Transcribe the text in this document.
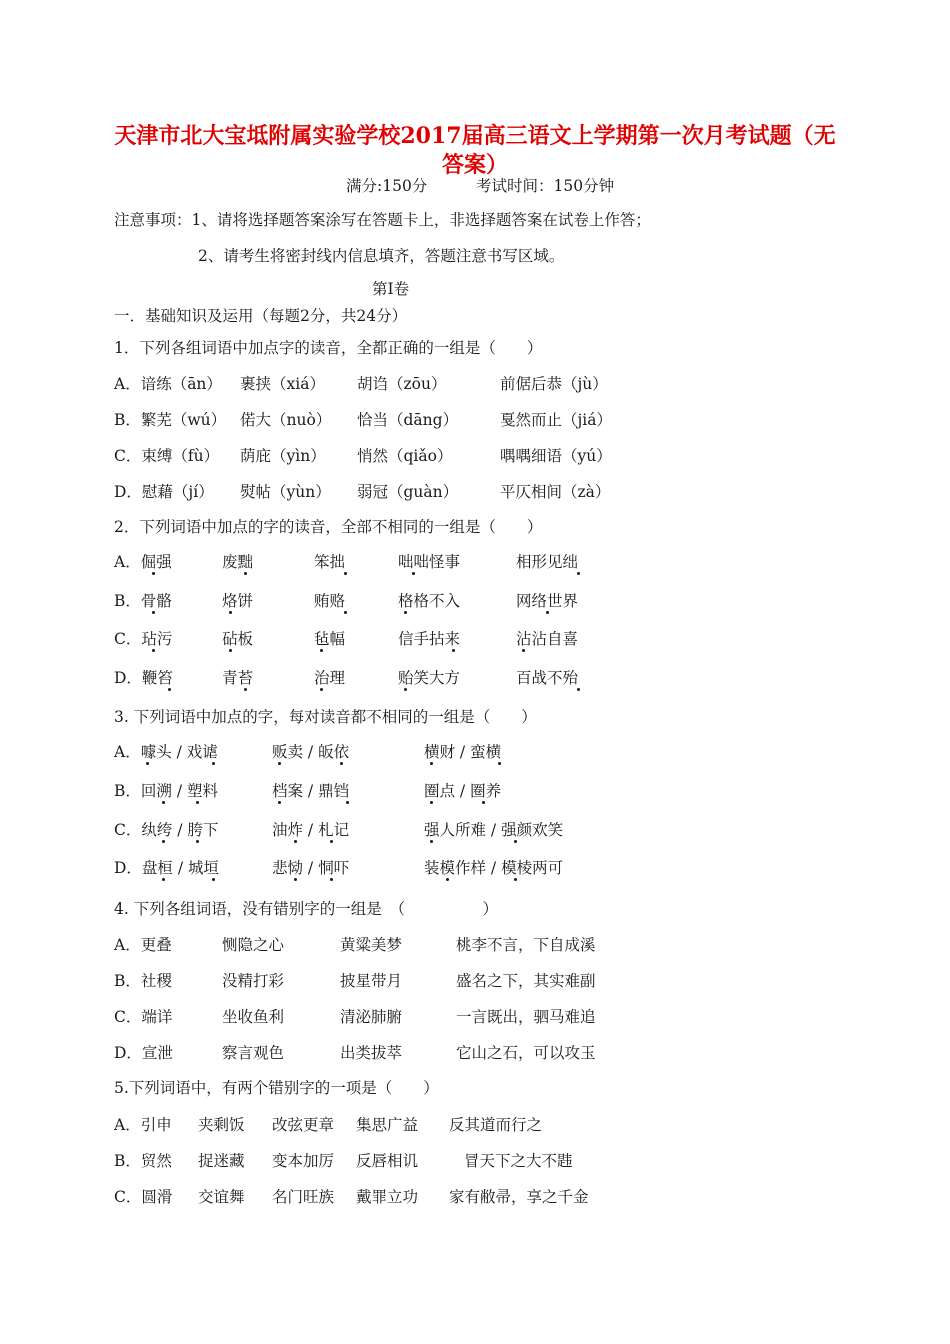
天津市北大宝坻附属实验学校2017届高三语文上学期第一次月考试题（无
答案）
满分:150分	考试时间：150分钟
注意事项：1、请将选择题答案涂写在答题卡上，非选择题答案在试卷上作答；
2、请考生将密封线内信息填齐，答题注意书写区域。
第Ⅰ卷
一．基础知识及运用（每题2分，共24分）
1．下列各组词语中加点字的读音，全都正确的一组是（　　）
A．谙练（ān） 裹挟（xiá） 胡诌（zōu）	前倨后恭（jù）
B．繁芜（wú） 偌大（nuò） 恰当（dāng）	戛然而止（jiá）
C．束缚（fù） 荫庇（yìn） 悄然（qiǎo）	喁喁细语（yú）
D．慰藉（jí） 熨帖（yùn） 弱冠（guàn）	平仄相间（zà）
2．下列词语中加点的字的读音，全部不相同的一组是（　　）
A．倔强	废黜	笨拙	咄咄怪事	相形见绌
B．骨骼	烙饼	贿赂	格格不入	网络世界
C．玷污	砧板	毡幅	信手拈来	沾沾自喜
D．鞭笞	青苔	治理	贻笑大方	百战不殆
3. 下列词语中加点的字，每对读音都不相同的一组是（　　）
A．噱头 / 戏谑	贩卖 / 皈依	横财 / 蛮横
B．回溯 / 塑料	档案 / 鼎铛	圈点 / 圈养
C．纨绔 / 胯下	油炸 / 札记	强人所难 / 强颜欢笑
D．盘桓 / 城垣	悲恸 / 恫吓	装模作样 / 模棱两可
4. 下列各组词语，没有错别字的一组是　（　　　　　）
A．更叠	恻隐之心	黄粱美梦	桃李不言，下自成溪
B．社稷	没精打彩	披星带月	盛名之下，其实难副
C．端详	坐收鱼利	清泌肺腑	一言既出，驷马难追
D．宣泄	察言观色	出类拔萃	它山之石，可以攻玉
5.下列词语中，有两个错别字的一项是（　　）
A．引申 夹剩饭 改弦更章 集思广益 反其道而行之
B．贸然 捉迷藏 变本加厉 反唇相讥	冒天下之大不韪
C．圆滑 交谊舞 名门旺族 戴罪立功 家有敝帚，享之千金
